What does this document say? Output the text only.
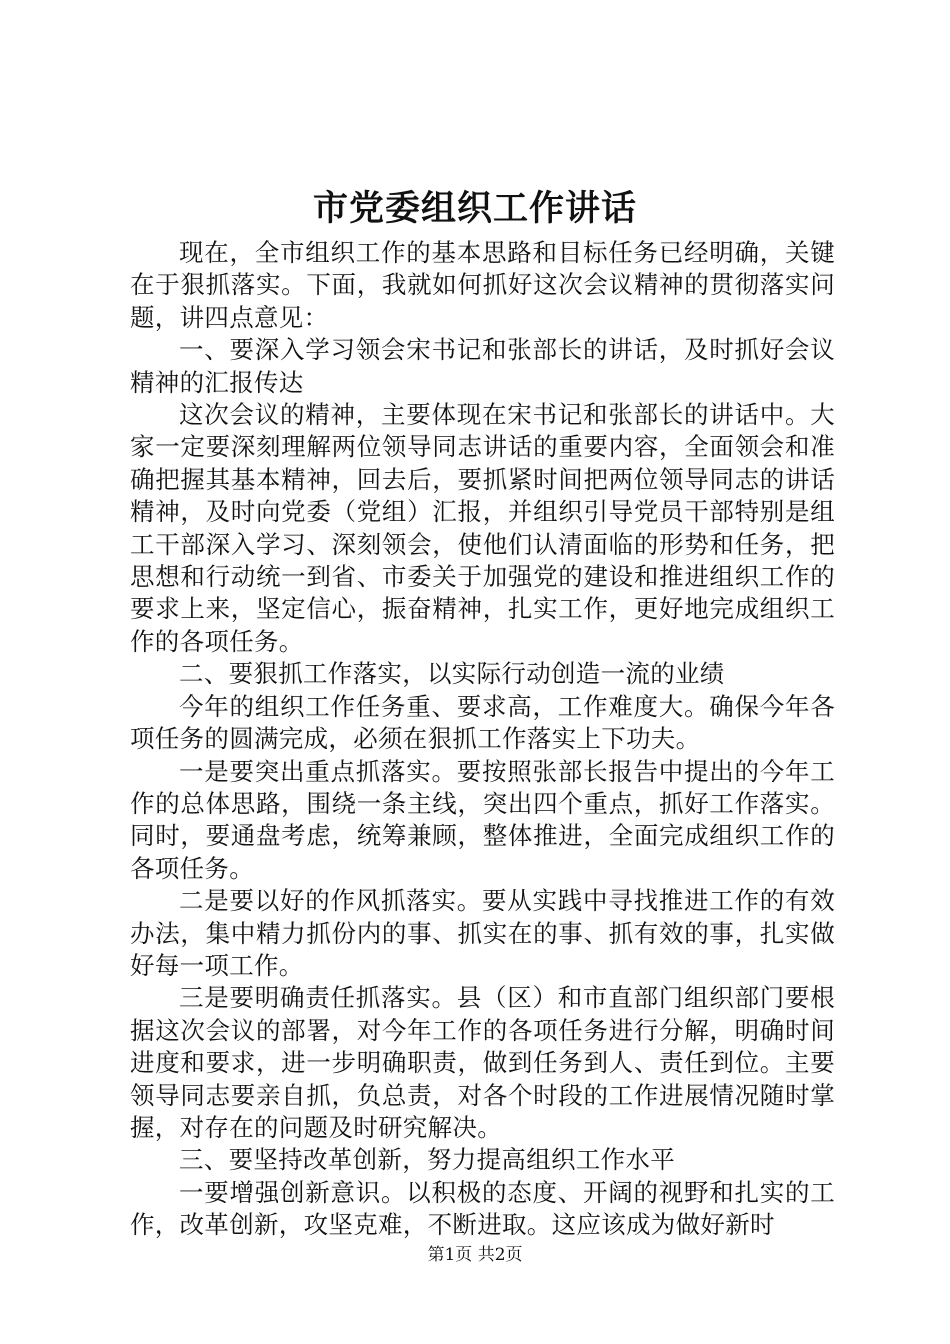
市党委组织工作讲话

现在，全市组织工作的基本思路和目标任务已经明确，关键在于狠抓落实。下面，我就如何抓好这次会议精神的贯彻落实问题，讲四点意见：

一、要深入学习领会宋书记和张部长的讲话，及时抓好会议精神的汇报传达

这次会议的精神，主要体现在宋书记和张部长的讲话中。大家一定要深刻理解两位领导同志讲话的重要内容，全面领会和准确把握其基本精神，回去后，要抓紧时间把两位领导同志的讲话精神，及时向党委（党组）汇报，并组织引导党员干部特别是组工干部深入学习、深刻领会，使他们认清面临的形势和任务，把思想和行动统一到省、市委关于加强党的建设和推进组织工作的要求上来，坚定信心，振奋精神，扎实工作，更好地完成组织工作的各项任务。

二、要狠抓工作落实，以实际行动创造一流的业绩

今年的组织工作任务重、要求高，工作难度大。确保今年各项任务的圆满完成，必须在狠抓工作落实上下功夫。

一是要突出重点抓落实。要按照张部长报告中提出的今年工作的总体思路，围绕一条主线，突出四个重点，抓好工作落实。同时，要通盘考虑，统筹兼顾，整体推进，全面完成组织工作的各项任务。

二是要以好的作风抓落实。要从实践中寻找推进工作的有效办法，集中精力抓份内的事、抓实在的事、抓有效的事，扎实做好每一项工作。

三是要明确责任抓落实。县（区）和市直部门组织部门要根据这次会议的部署，对今年工作的各项任务进行分解，明确时间进度和要求，进一步明确职责，做到任务到人、责任到位。主要领导同志要亲自抓，负总责，对各个时段的工作进展情况随时掌握，对存在的问题及时研究解决。

三、要坚持改革创新，努力提高组织工作水平

一要增强创新意识。以积极的态度、开阔的视野和扎实的工作，改革创新，攻坚克难，不断进取。这应该成为做好新时

第1页 共2页
